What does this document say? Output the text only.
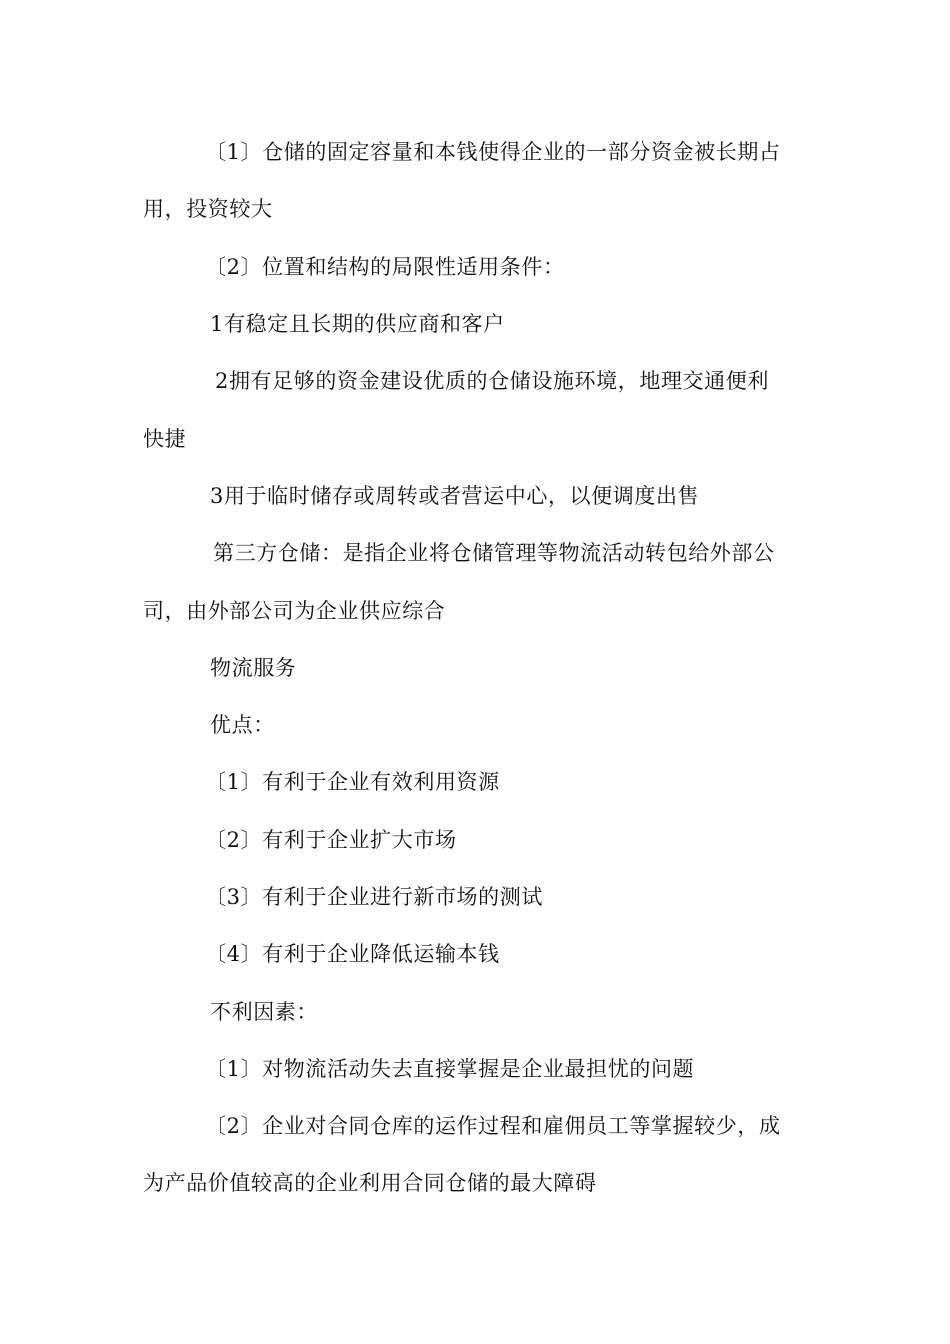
〔1〕仓储的固定容量和本钱使得企业的一部分资金被长期占
用，投资较大
〔2〕位置和结构的局限性适用条件：
1有稳定且长期的供应商和客户
2拥有足够的资金建设优质的仓储设施环境，地理交通便利
快捷
3用于临时储存或周转或者营运中心，以便调度出售
第三方仓储：是指企业将仓储管理等物流活动转包给外部公
司，由外部公司为企业供应综合
物流服务
优点：
〔1〕有利于企业有效利用资源
〔2〕有利于企业扩大市场
〔3〕有利于企业进行新市场的测试
〔4〕有利于企业降低运输本钱
不利因素：
〔1〕对物流活动失去直接掌握是企业最担忧的问题
〔2〕企业对合同仓库的运作过程和雇佣员工等掌握较少，成
为产品价值较高的企业利用合同仓储的最大障碍
